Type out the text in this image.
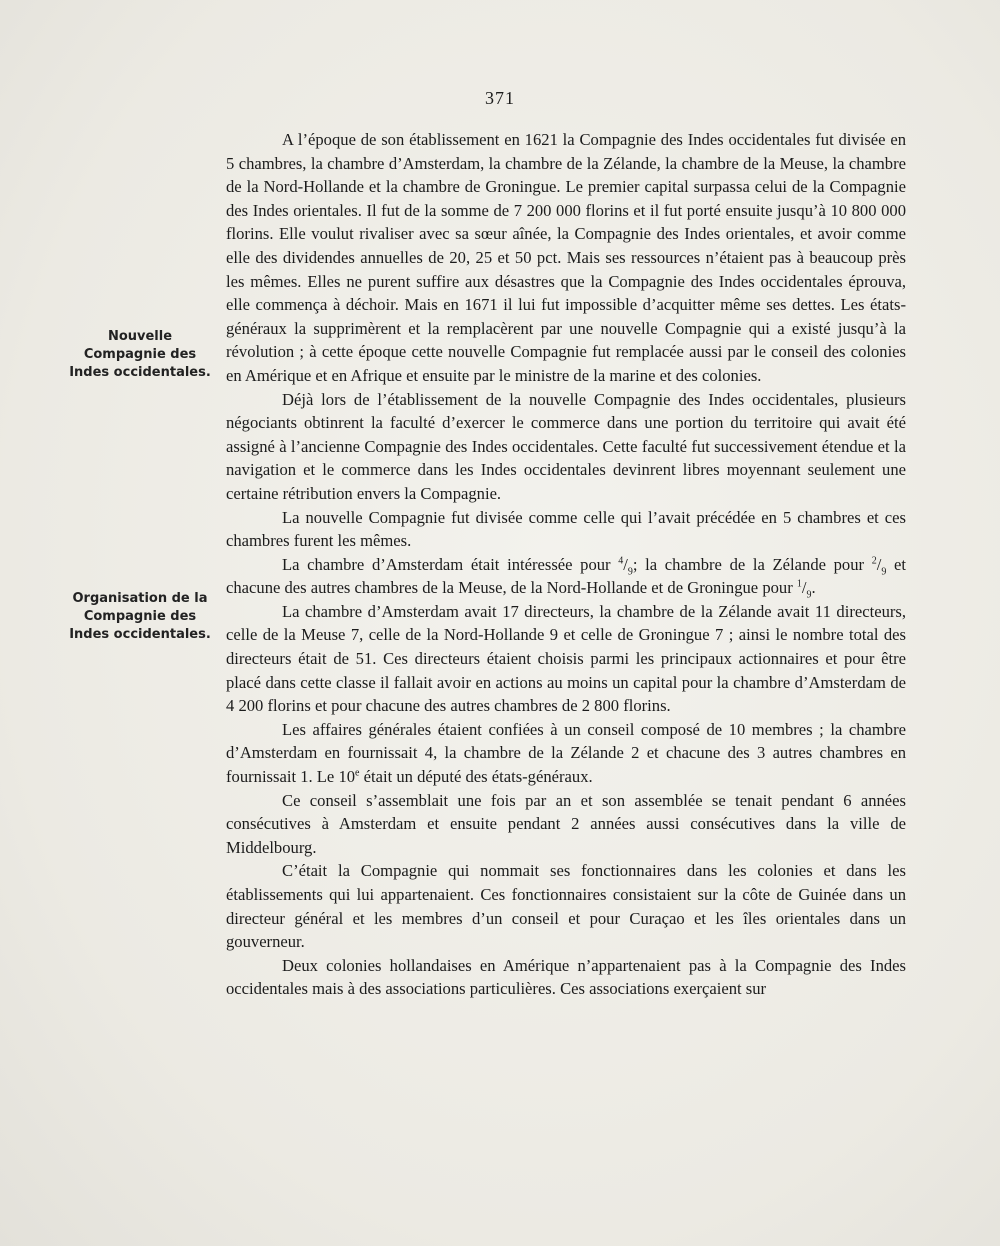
371
Nouvelle
Compagnie des
Indes occidentales.
Organisation de la
Compagnie des
Indes occidentales.

A l’époque de son établissement en 1621 la Compagnie des Indes occidentales fut divisée en 5 chambres, la chambre d’Amsterdam, la chambre de la Zélande, la chambre de la Meuse, la chambre de la Nord-Hollande et la chambre de Groningue. Le premier capital surpassa celui de la Compagnie des Indes orientales. Il fut de la somme de 7 200 000 florins et il fut porté ensuite jusqu’à 10 800 000 florins. Elle voulut rivaliser avec sa sœur aînée, la Compagnie des Indes orientales, et avoir comme elle des dividendes annuelles de 20, 25 et 50 pct. Mais ses ressources n’étaient pas à beaucoup près les mêmes. Elles ne purent suffire aux désastres que la Compagnie des Indes occidentales éprouva, elle commença à déchoir. Mais en 1671 il lui fut impossible d’acquitter même ses dettes. Les états-généraux la supprimèrent et la remplacèrent par une nouvelle Compagnie qui a existé jusqu’à la révolution ; à cette époque cette nouvelle Compagnie fut remplacée aussi par le conseil des colonies en Amérique et en Afrique et ensuite par le ministre de la marine et des colonies.

Déjà lors de l’établissement de la nouvelle Compagnie des Indes occidentales, plusieurs négociants obtinrent la faculté d’exercer le commerce dans une portion du territoire qui avait été assigné à l’ancienne Compagnie des Indes occidentales. Cette faculté fut successivement étendue et la navigation et le commerce dans les Indes occidentales devinrent libres moyennant seulement une certaine rétribution envers la Compagnie.

La nouvelle Compagnie fut divisée comme celle qui l’avait précédée en 5 chambres et ces chambres furent les mêmes.

La chambre d’Amsterdam était intéressée pour $^4/_9$; la chambre de la Zélande pour $^2/_9$ et chacune des autres chambres de la Meuse, de la Nord-Hollande et de Groningue pour $^1/_9$.

La chambre d’Amsterdam avait 17 directeurs, la chambre de la Zélande avait 11 directeurs, celle de la Meuse 7, celle de la Nord-Hollande 9 et celle de Groningue 7 ; ainsi le nombre total des directeurs était de 51. Ces directeurs étaient choisis parmi les principaux actionnaires et pour être placé dans cette classe il fallait avoir en actions au moins un capital pour la chambre d’Amsterdam de 4 200 florins et pour chacune des autres chambres de 2 800 florins.

Les affaires générales étaient confiées à un conseil composé de 10 membres ; la chambre d’Amsterdam en fournissait 4, la chambre de la Zélande 2 et chacune des 3 autres chambres en fournissait 1. Le 10e était un député des états-généraux.

Ce conseil s’assemblait une fois par an et son assemblée se tenait pendant 6 années consécutives à Amsterdam et ensuite pendant 2 années aussi consécutives dans la ville de Middelbourg.

C’était la Compagnie qui nommait ses fonctionnaires dans les colonies et dans les établissements qui lui appartenaient. Ces fonctionnaires consistaient sur la côte de Guinée dans un directeur général et les membres d’un conseil et pour Curaçao et les îles orientales dans un gouverneur.

Deux colonies hollandaises en Amérique n’appartenaient pas à la Compagnie des Indes occidentales mais à des associations particulières. Ces associations exerçaient sur
